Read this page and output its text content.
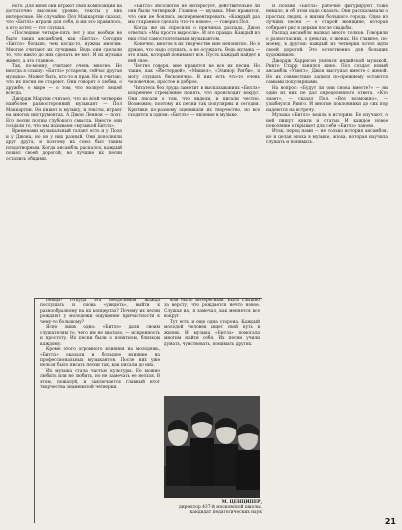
ного. Для меня они играют свои композиции на достаточно высоком уровне, тексты у них интересные. Не случайно Пол Маккартни сказал, что «Битлз» играли для себя, и им это нравилось, а кто хотел — тот слушал.

«Последние четыре-пять лет у нас вообще не было таких ансамблей, как «Битлз». Сегодня «Битлз» больше, чем когда-то, нужны многим. Многие считают их лучшими. Ведь они сделали то, что никто до них сделать не мог. И их музыка живет, а это главное.

Так, по-моему, считают очень многие. Но иногда я слышу: «Битлз» устарели, сейчас другая музыка». Может быть, кто-то и прав. Но я считаю, что их песни не стареют. Они говорят о любви, о дружбе, о мире — о том, что волнует людей всегда.

Джордж Мартин считает, что из всей четверки наиболее разносторонний музыкант — Пол Маккартни. Он пишет и музыку, и тексты, играет на многих инструментах. А Джон Леннон — поэт. Его песни полны глубокого смысла. Вместе они создали то, что мы называем «музыкой Битлз».

Временами музыкальный талант есть и у Пола и у Джона, но он у них разный. Они дополняли друг друга, и поэтому их союз был таким плодотворным. Когда ансамбль распался, каждый пошел своей дорогой, но лучшие их песни остались общими.

«Битлз» абсолютно не интересует, действительно ли они были четверкой. Главное — музыка. Мне нравится, что они не боялись экспериментировать. «Каждый раз мы стараемся сделать что-то новое», — говорил Пол.

Когда же их спросили о причинах распада, Джон ответил: «Мы просто выросли». И это правда. Каждый из них стал самостоятельным музыкантом.

Конечно, многое в их творчестве мне непонятно. Но я думаю, что надо слушать, а не осуждать. Ведь музыка — это язык, который понимают все. Пусть каждый найдет в ней свое.

Честно говоря, мне нравятся не все их песни. Но такие, как «Йестердей», «Мишел», «Элинор Ригби», я могу слушать бесконечно. В них есть что-то очень человечное, простое и доброе.

Читатель без труда заметит в высказываниях «Битлз» искреннее стремление понять, что происходит вокруг. Они писали о том, что видели, и писали честно. Возможно, поэтому их песни так популярны и сегодня. Критики по-разному оценивали их творчество, но все сходятся в одном: «Битлз» — явление в музыке.

В поэзии «Битлз» рабочие фигурируют тоже немало, и об этом надо сказать. Они рассказывали о простых людях, о жизни большого города. Одна из лучших песен — о старой женщине, которая собирает рис в церкви после свадьбы.

Распад ансамбля вызвал много толков. Говорили о разногласиях, о деньгах, о женах. Но главное, по-моему, в другом: каждый из четверки хотел идти своей дорогой. Это естественно для больших художников.

Джордж Харрисон увлекся индийской музыкой, Ринго Старр занялся кино. Пол создал новый ансамбль «Уингз», Джон выступал вместе с женой. Но их совместные записи по-прежнему остаются самыми популярными.

На вопрос: «Будут ли они снова вместе?» — ни один из них не дал определенного ответа. «Кто знает», — сказал Пол. «Все возможно», — улыбнулся Ринго. И многие поклонники до сих пор надеются на встречу.

Музыка «Битлз» вошла в историю. Ее изучают, о ней пишут книги и статьи. И каждое новое поколение открывает для себя «Битлз» заново.

Итак, перед нами — не только история ансамбля, но и целая эпоха в музыке, эпоха, которая научила слушать и понимать.

певцы? Откуда эта неодолимая жажда послушать и снова «увидеть», выйти к разнообразному на их концертах? Почему их песни рождают у молодежи ощущение причастности к чему-то большому?

Ясно лишь одно: «Битлз» дали своим слушателям то, чего им не хватало, — искренность и простоту. Их песни были о понятном, близком каждому.

Кроме этого огромного влияния на молодежь, «Битлз» оказали и большое влияние на профессиональных музыкантов. После них уже нельзя было писать песни так, как писали до них.

Их музыка стала частью культуры. Ее можно любить или не любить, но не замечать ее нельзя. В этом, пожалуй, и заключается главный итог творчества знаменитой четверки.

вом было интересным. Было слышно за версту, что рождается нечто новое. Слушая их, я замечал, как меняется все вокруг.

Тут есть и еще одна сторона. Каждый молодой человек ищет свой путь в жизни. И музыка «Битлз» помогала многим найти себя. Их песни учили думать, чувствовать, понимать других.

М. ЦЕНЦИПЕР,
директор 437-й московской школы, кандидат педагогических наук
21
